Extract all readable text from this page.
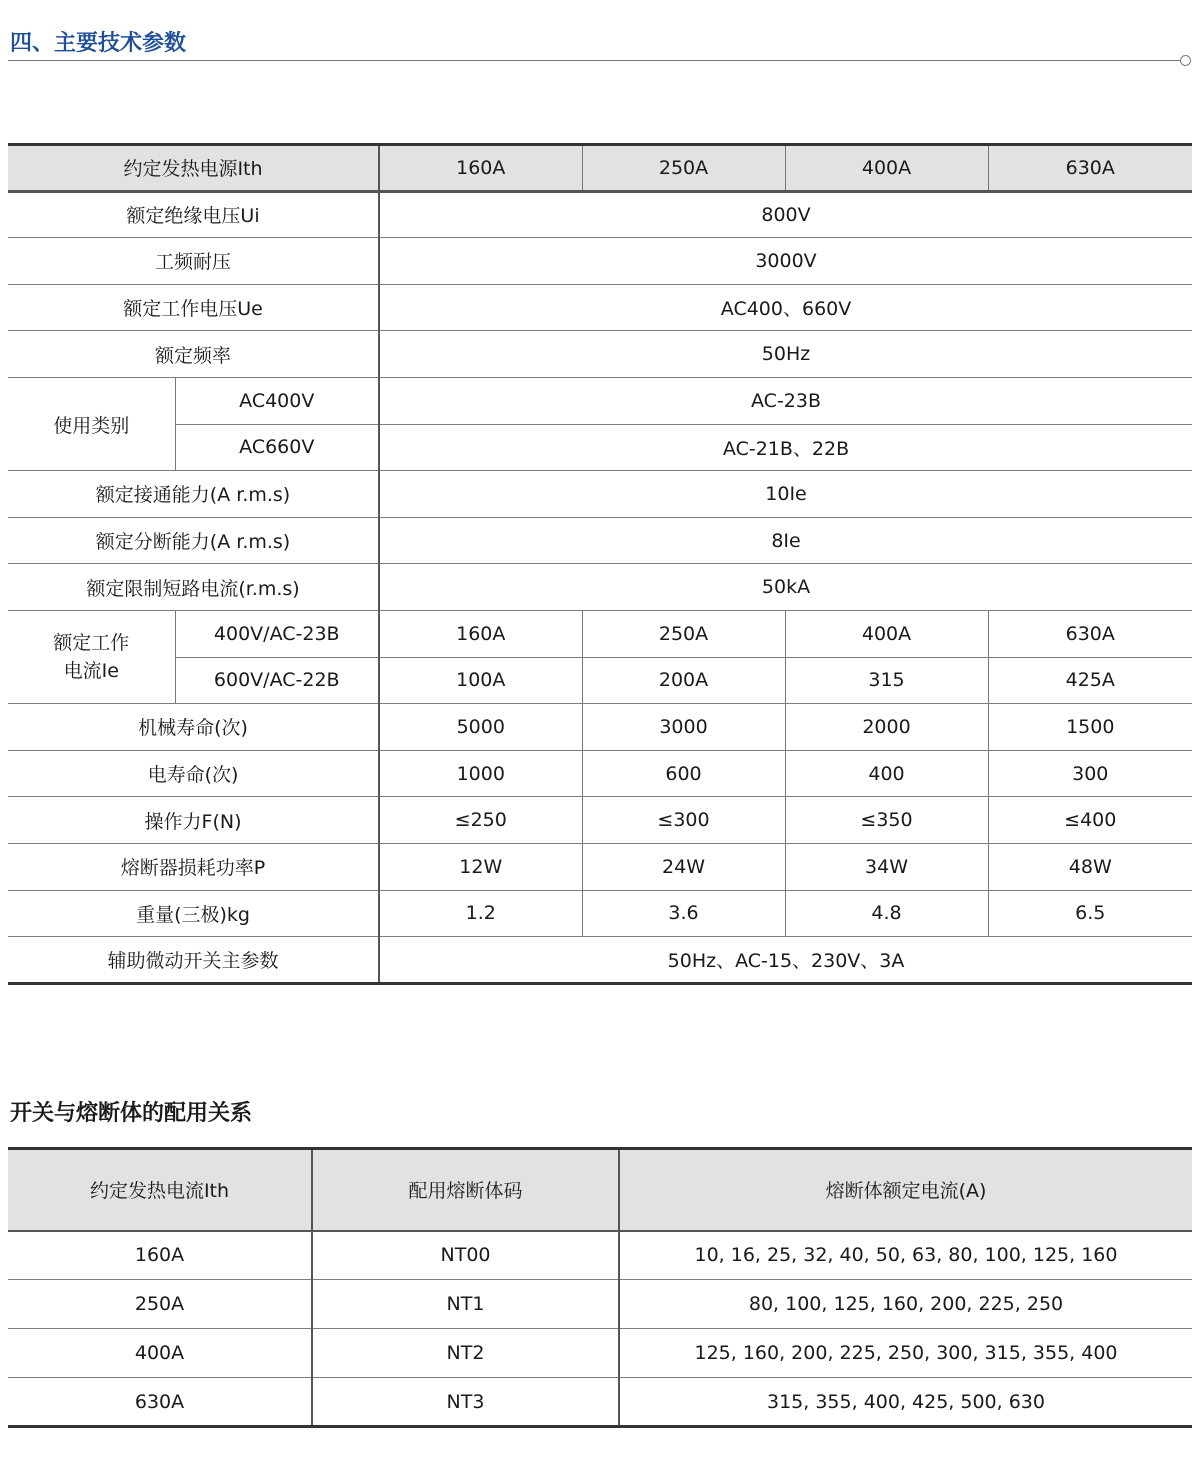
四、主要技术参数
约定发热电源Ith		160A	250A	400A	630A
额定绝缘电压Ui		800V			
工频耐压		3000V			
额定工作电压Ue		AC400、660V			
额定频率		50Hz			
使用类别	AC400V	AC-23B			
	AC660V	AC-21B、22B			
额定接通能力(A r.m.s)		10Ie			
额定分断能力(A r.m.s)		8Ie			
额定限制短路电流(r.m.s)		50kA			

额定工作
电流Ie	400V/AC-23B	160A	250A	400A	630A
	600V/AC-22B	100A	200A	315	425A
机械寿命(次)		5000	3000	2000	1500
电寿命(次)		1000	600	400	300
操作力F(N)		≤250	≤300	≤350	≤400
熔断器损耗功率P		12W	24W	34W	48W
重量(三极)kg		1.2	3.6	4.8	6.5
辅助微动开关主参数		50Hz、AC-15、230V、3A			
开关与熔断体的配用关系
约定发热电流Ith	配用熔断体码	熔断体额定电流(A)
160A	NT00	10, 16, 25, 32, 40, 50, 63, 80, 100, 125, 160
250A	NT1	80, 100, 125, 160, 200, 225, 250
400A	NT2	125, 160, 200, 225, 250, 300, 315, 355, 400
630A	NT3	315, 355, 400, 425, 500, 630
